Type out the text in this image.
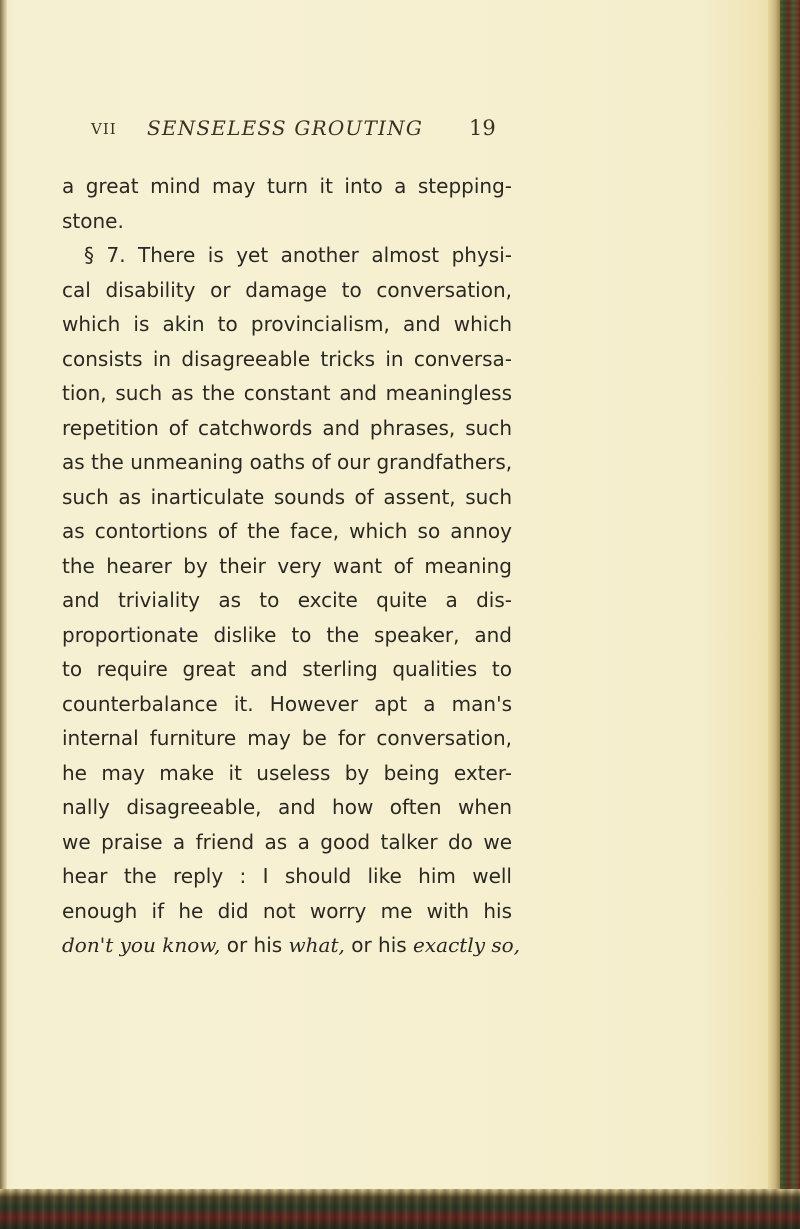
VII SENSELESS GROUTING 19
a great mind may turn it into a stepping-
stone.
§ 7. There is yet another almost physi-
cal disability or damage to conversation,
which is akin to provincialism, and which
consists in disagreeable tricks in conversa-
tion, such as the constant and meaningless
repetition of catchwords and phrases, such
as the unmeaning oaths of our grandfathers,
such as inarticulate sounds of assent, such
as contortions of the face, which so annoy
the hearer by their very want of meaning
and triviality as to excite quite a dis-
proportionate dislike to the speaker, and
to require great and sterling qualities to
counterbalance it. However apt a man's
internal furniture may be for conversation,
he may make it useless by being exter-
nally disagreeable, and how often when
we praise a friend as a good talker do we
hear the reply : I should like him well
enough if he did not worry me with his
don't you know, or his what, or his exactly so,
